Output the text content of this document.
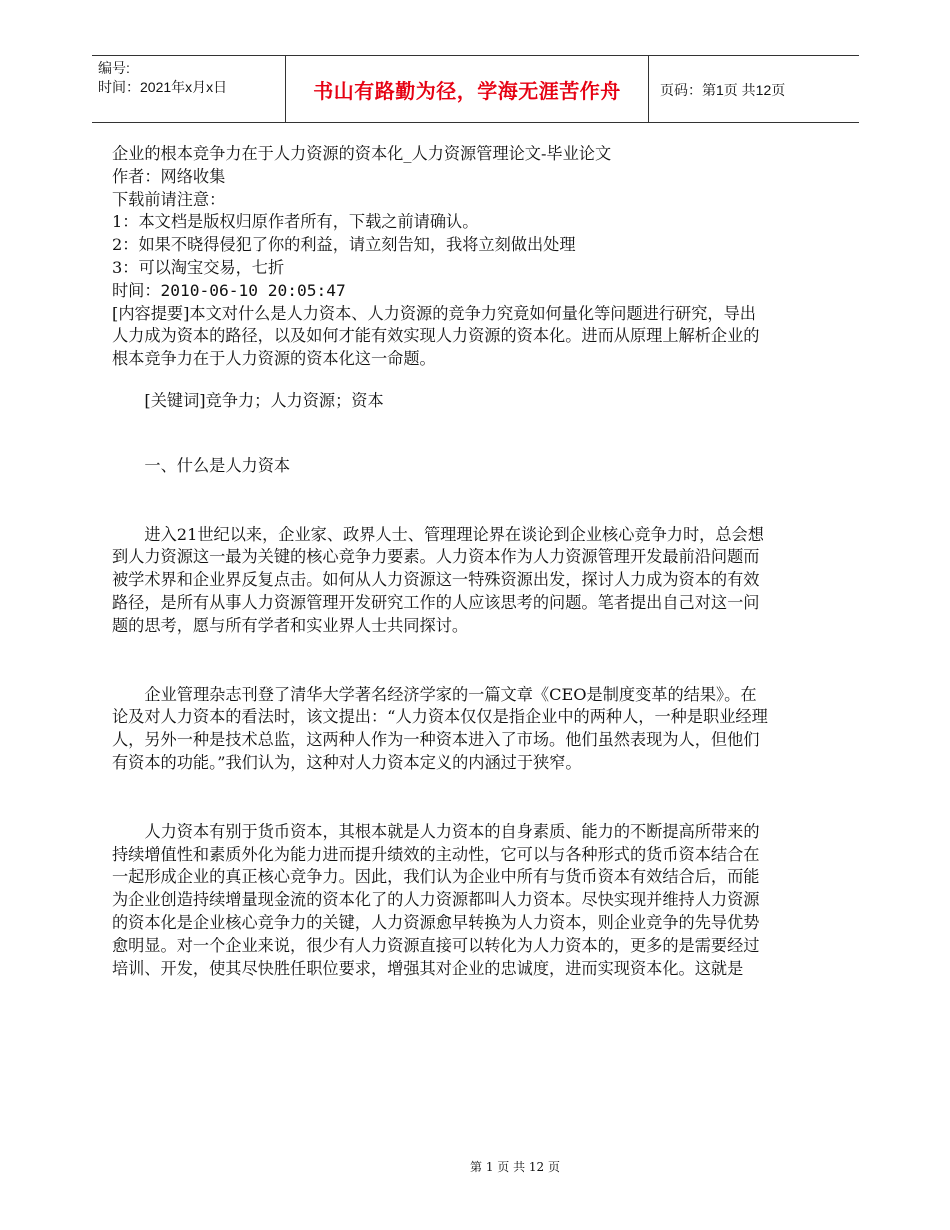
编号:
时间：2021年x月x日	书山有路勤为径，学海无涯苦作舟	页码：第1页 共12页

企业的根本竞争力在于人力资源的资本化_人力资源管理论文-毕业论文

作者：网络收集

下载前请注意：

1：本文档是版权归原作者所有，下载之前请确认。

2：如果不晓得侵犯了你的利益，请立刻告知，我将立刻做出处理

3：可以淘宝交易，七折

时间：2010-06-10 20:05:47

[内容提要]本文对什么是人力资本、人力资源的竞争力究竟如何量化等问题进行研究，导出人力成为资本的路径，以及如何才能有效实现人力资源的资本化。进而从原理上解析企业的根本竞争力在于人力资源的资本化这一命题。

[关键词]竞争力；人力资源；资本

一、什么是人力资本

进入21世纪以来，企业家、政界人士、管理理论界在谈论到企业核心竞争力时，总会想到人力资源这一最为关键的核心竞争力要素。人力资本作为人力资源管理开发最前沿问题而被学术界和企业界反复点击。如何从人力资源这一特殊资源出发，探讨人力成为资本的有效路径，是所有从事人力资源管理开发研究工作的人应该思考的问题。笔者提出自己对这一问题的思考，愿与所有学者和实业界人士共同探讨。

企业管理杂志刊登了清华大学著名经济学家的一篇文章《CEO是制度变革的结果》。在论及对人力资本的看法时，该文提出：“人力资本仅仅是指企业中的两种人，一种是职业经理人，另外一种是技术总监，这两种人作为一种资本进入了市场。他们虽然表现为人，但他们有资本的功能。”我们认为，这种对人力资本定义的内涵过于狭窄。

人力资本有别于货币资本，其根本就是人力资本的自身素质、能力的不断提高所带来的持续增值性和素质外化为能力进而提升绩效的主动性，它可以与各种形式的货币资本结合在一起形成企业的真正核心竞争力。因此，我们认为企业中所有与货币资本有效结合后，而能为企业创造持续增量现金流的资本化了的人力资源都叫人力资本。尽快实现并维持人力资源的资本化是企业核心竞争力的关键，人力资源愈早转换为人力资本，则企业竞争的先导优势愈明显。对一个企业来说，很少有人力资源直接可以转化为人力资本的，更多的是需要经过培训、开发，使其尽快胜任职位要求，增强其对企业的忠诚度，进而实现资本化。这就是

第 1 页 共 12 页
